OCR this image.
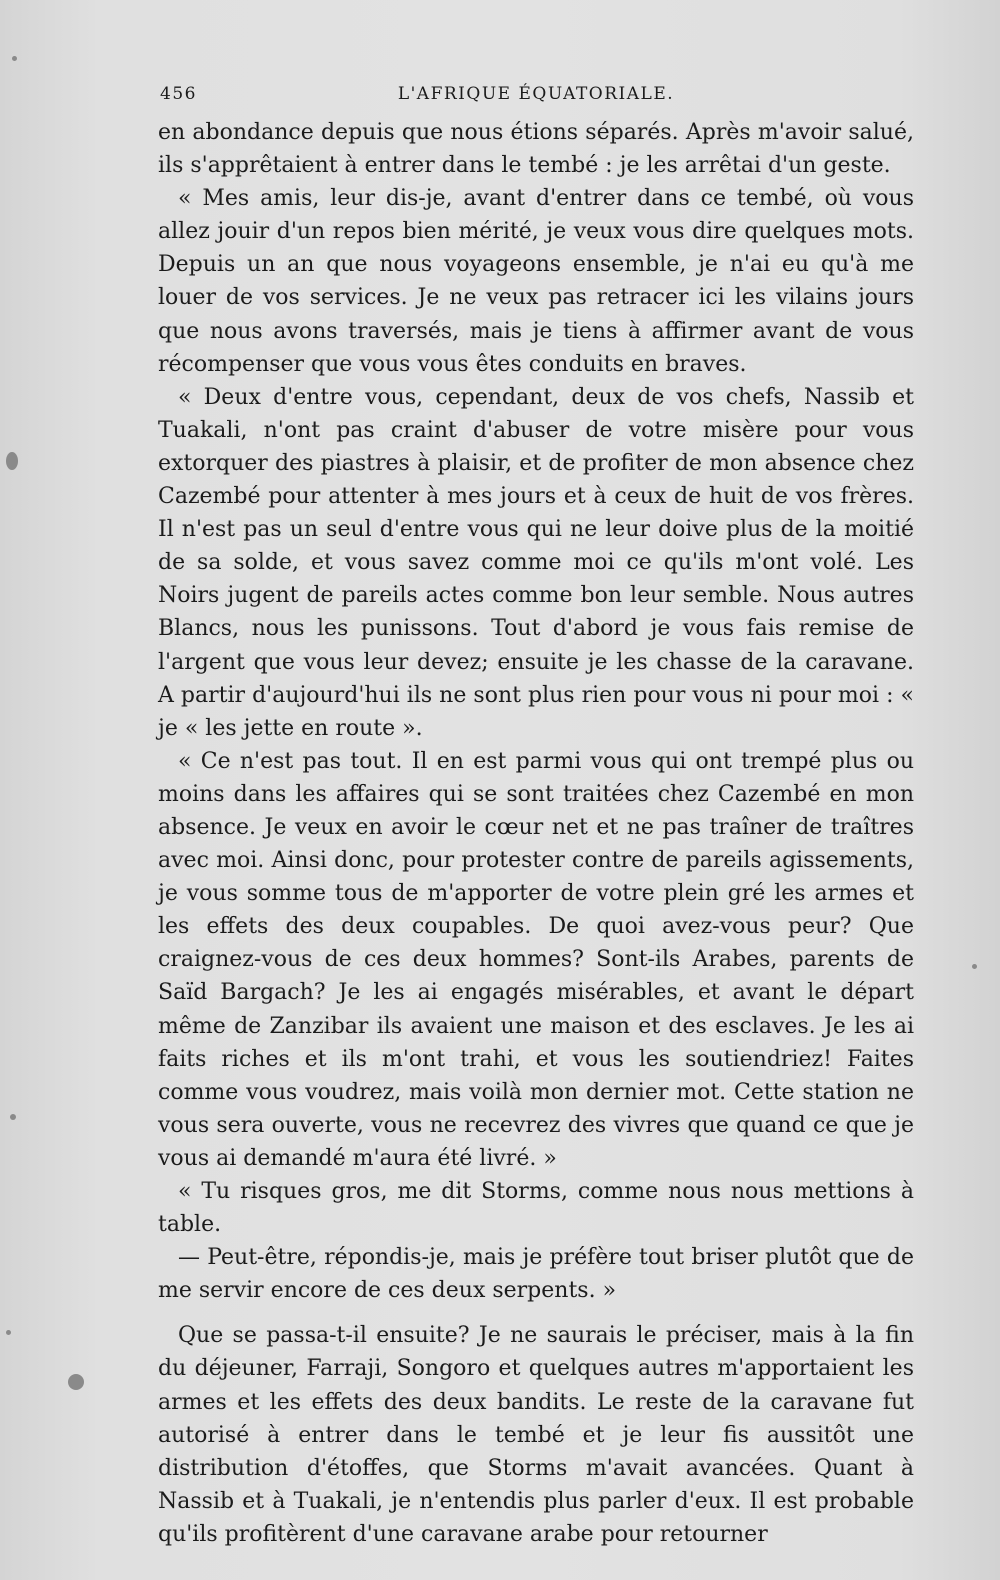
456	L'AFRIQUE ÉQUATORIALE.

en abondance depuis que nous étions séparés. Après m'avoir salué, ils s'apprêtaient à entrer dans le tembé : je les arrêtai d'un geste.

« Mes amis, leur dis-je, avant d'entrer dans ce tembé, où vous allez jouir d'un repos bien mérité, je veux vous dire quelques mots. Depuis un an que nous voyageons ensemble, je n'ai eu qu'à me louer de vos services. Je ne veux pas retracer ici les vilains jours que nous avons traversés, mais je tiens à affirmer avant de vous récompenser que vous vous êtes conduits en braves.

« Deux d'entre vous, cependant, deux de vos chefs, Nassib et Tuakali, n'ont pas craint d'abuser de votre misère pour vous extorquer des piastres à plaisir, et de profiter de mon absence chez Cazembé pour attenter à mes jours et à ceux de huit de vos frères. Il n'est pas un seul d'entre vous qui ne leur doive plus de la moitié de sa solde, et vous savez comme moi ce qu'ils m'ont volé. Les Noirs jugent de pareils actes comme bon leur semble. Nous autres Blancs, nous les punissons. Tout d'abord je vous fais remise de l'argent que vous leur devez; ensuite je les chasse de la caravane. A partir d'aujourd'hui ils ne sont plus rien pour vous ni pour moi : « je « les jette en route ».

« Ce n'est pas tout. Il en est parmi vous qui ont trempé plus ou moins dans les affaires qui se sont traitées chez Cazembé en mon absence. Je veux en avoir le cœur net et ne pas traîner de traîtres avec moi. Ainsi donc, pour protester contre de pareils agissements, je vous somme tous de m'apporter de votre plein gré les armes et les effets des deux coupables. De quoi avez-vous peur? Que craignez-vous de ces deux hommes? Sont-ils Arabes, parents de Saïd Bargach? Je les ai engagés misérables, et avant le départ même de Zanzibar ils avaient une maison et des esclaves. Je les ai faits riches et ils m'ont trahi, et vous les soutiendriez! Faites comme vous voudrez, mais voilà mon dernier mot. Cette station ne vous sera ouverte, vous ne recevrez des vivres que quand ce que je vous ai demandé m'aura été livré. »

« Tu risques gros, me dit Storms, comme nous nous mettions à table.

— Peut-être, répondis-je, mais je préfère tout briser plutôt que de me servir encore de ces deux serpents. »

Que se passa-t-il ensuite? Je ne saurais le préciser, mais à la fin du déjeuner, Farraji, Songoro et quelques autres m'apportaient les armes et les effets des deux bandits. Le reste de la caravane fut autorisé à entrer dans le tembé et je leur fis aussitôt une distribution d'étoffes, que Storms m'avait avancées. Quant à Nassib et à Tuakali, je n'entendis plus parler d'eux. Il est probable qu'ils profitèrent d'une caravane arabe pour retourner
